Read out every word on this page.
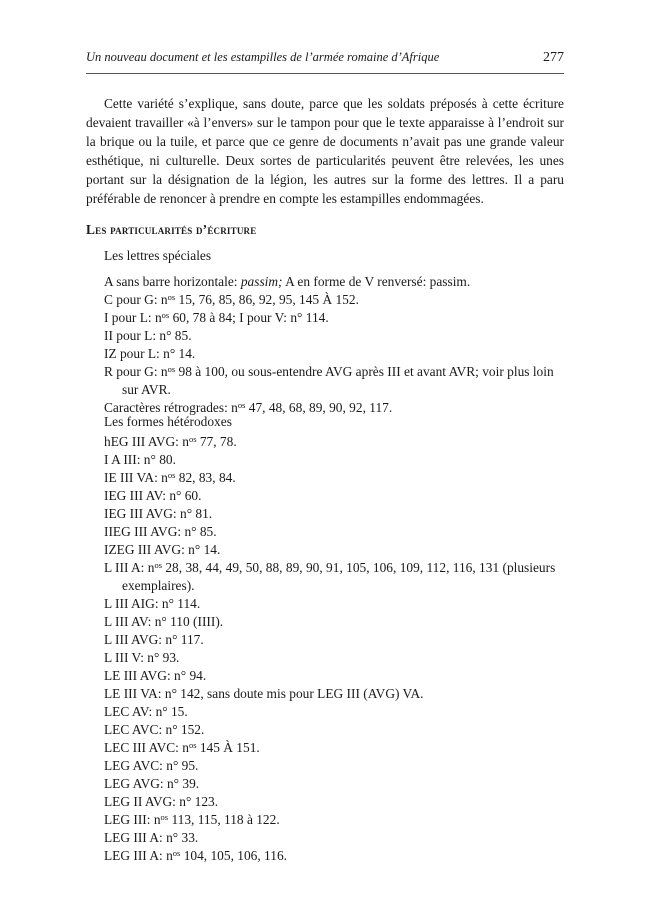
Un nouveau document et les estampilles de l’armée romaine d’Afrique	277

Cette variété s’explique, sans doute, parce que les soldats préposés à cette écriture devaient travailler «à l’envers» sur le tampon pour que le texte apparaisse à l’endroit sur la brique ou la tuile, et parce que ce genre de documents n’avait pas une grande valeur esthétique, ni culturelle. Deux sortes de particularités peuvent être relevées, les unes portant sur la désignation de la légion, les autres sur la forme des lettres. Il a paru préférable de renoncer à prendre en compte les estampilles endommagées.

Les particularités d’écriture

Les lettres spéciales

A sans barre horizontale: passim; A en forme de V renversé: passim.
C pour G: $n^{os}$ 15, 76, 85, 86, 92, 95, 145 À 152.
I pour L: $n^{os}$ 60, 78 à 84; I pour V: n° 114.
II pour L: n° 85.
IZ pour L: n° 14.
R pour G: $n^{os}$ 98 à 100, ou sous-entendre AVG après III et avant AVR; voir plus loin sur AVR.
Caractères rétrogrades: $n^{os}$ 47, 48, 68, 89, 90, 92, 117.

Les formes hétérodoxes

hEG III AVG: $n^{os}$ 77, 78.
I A III: n° 80.
IE III VA: $n^{os}$ 82, 83, 84.
IEG III AV: n° 60.
IEG III AVG: n° 81.
IIEG III AVG: n° 85.
IZEG III AVG: n° 14.
L III A: $n^{os}$ 28, 38, 44, 49, 50, 88, 89, 90, 91, 105, 106, 109, 112, 116, 131 (plusieurs exemplaires).
L III AIG: n° 114.
L III AV: n° 110 (IIII).
L III AVG: n° 117.
L III V: n° 93.
LE III AVG: n° 94.
LE III VA: n° 142, sans doute mis pour LEG III (AVG) VA.
LEC AV: n° 15.
LEC AVC: n° 152.
LEC III AVC: $n^{os}$ 145 À 151.
LEG AVC: n° 95.
LEG AVG: n° 39.
LEG II AVG: n° 123.
LEG III: $n^{os}$ 113, 115, 118 à 122.
LEG III A: n° 33.
LEG III A: $n^{os}$ 104, 105, 106, 116.
